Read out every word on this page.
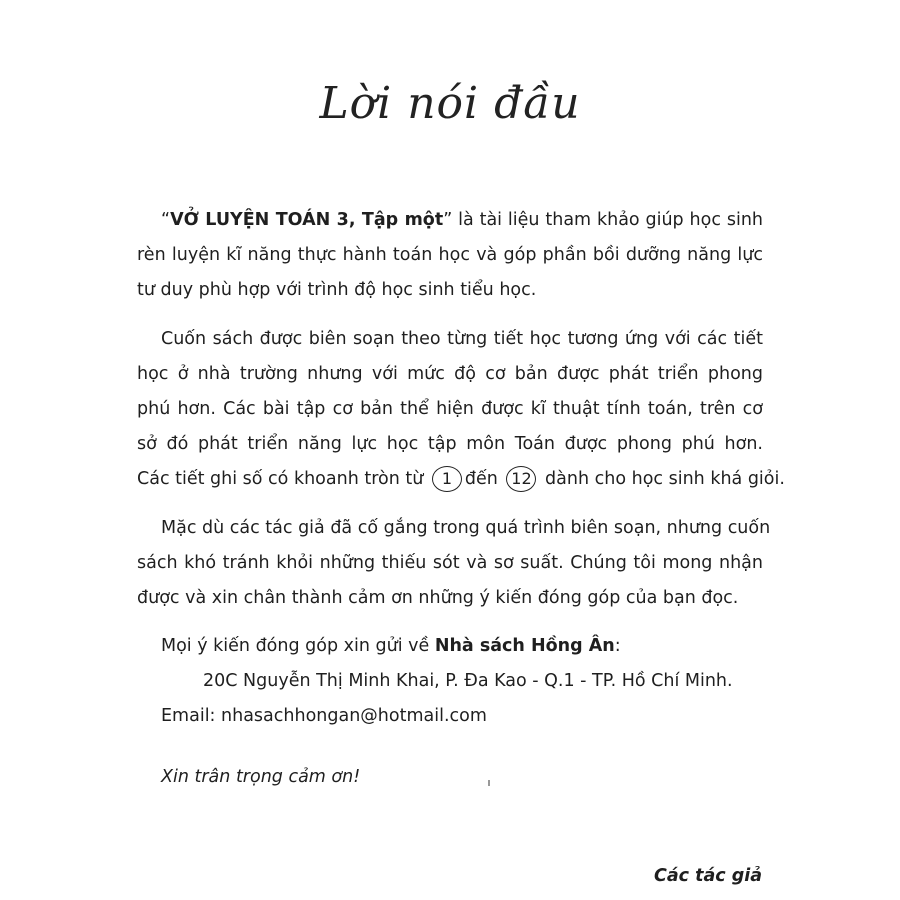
Lời nói đầu

“VỞ LUYỆN TOÁN 3, Tập một” là tài liệu tham khảo giúp học sinh
rèn luyện kĩ năng thực hành toán học và góp phần bồi dưỡng năng lực
tư duy phù hợp với trình độ học sinh tiểu học.

Cuốn sách được biên soạn theo từng tiết học tương ứng với các tiết
học ở nhà trường nhưng với mức độ cơ bản được phát triển phong
phú hơn. Các bài tập cơ bản thể hiện được kĩ thuật tính toán, trên cơ
sở đó phát triển năng lực học tập môn Toán được phong phú hơn.
Các tiết ghi số có khoanh tròn từ 1 đến 12 dành cho học sinh khá giỏi.

Mặc dù các tác giả đã cố gắng trong quá trình biên soạn, nhưng cuốn
sách khó tránh khỏi những thiếu sót và sơ suất. Chúng tôi mong nhận
được và xin chân thành cảm ơn những ý kiến đóng góp của bạn đọc.

Mọi ý kiến đóng góp xin gửi về Nhà sách Hồng Ân:
20C Nguyễn Thị Minh Khai, P. Đa Kao - Q.1 - TP. Hồ Chí Minh.
Email: nhasachhongan@hotmail.com

Xin trân trọng cảm ơn!
Các tác giả
